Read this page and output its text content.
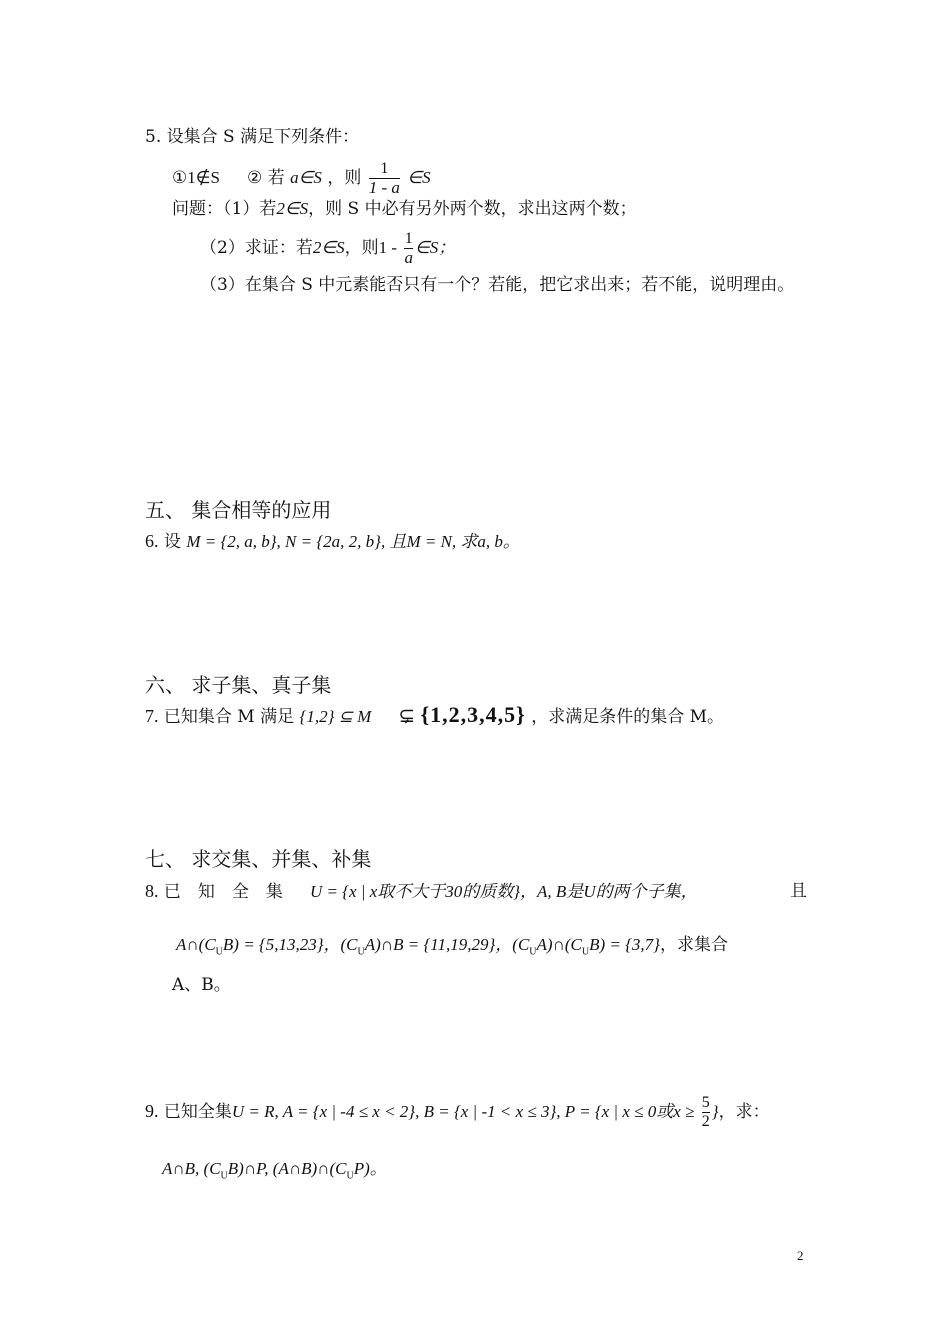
5. 设集合 S 满足下列条件：
①1∉S ② 若 a∈S ，则 $\frac{1}{1 - a}$ ∈S
问题：（1）若2∈S，则 S 中必有另外两个数，求出这两个数；
（2）求证：若2∈S，则$1 - \frac{1}{a}$ ∈S；
（3）在集合 S 中元素能否只有一个？若能，把它求出来；若不能，说明理由。
五、 集合相等的应用
6. 设 M = {2, a, b}, N = {2a, 2, b}, 且M = N, 求a, b。
六、 求子集、真子集
7. 已知集合 M 满足 {1,2} ⊆ M ⊊ {1,2,3,4,5} ，求满足条件的集合 M。
七、 求交集、并集、补集
8. 已　知　全　集 U = {x | x取不大于30的质数}，A, B是U的两个子集，	且
$A\cap(C_UB) = \{5,13,23\}$，$(C_UA)\cap B = \{11,19,29\}$，$(C_UA)\cap(C_UB) = \{3,7\}$，求集合
A、B。
9. 已知全集U = R, A = {x | -4 ≤ x < 2}, B = {x | -1 < x ≤ 3}, P = {x | x ≤ 0或$x \ge \frac{5}{2}$ }，求：
A∩B, $(C_UB)\cap P$, $(A\cap B)\cap(C_UP)$。
2
